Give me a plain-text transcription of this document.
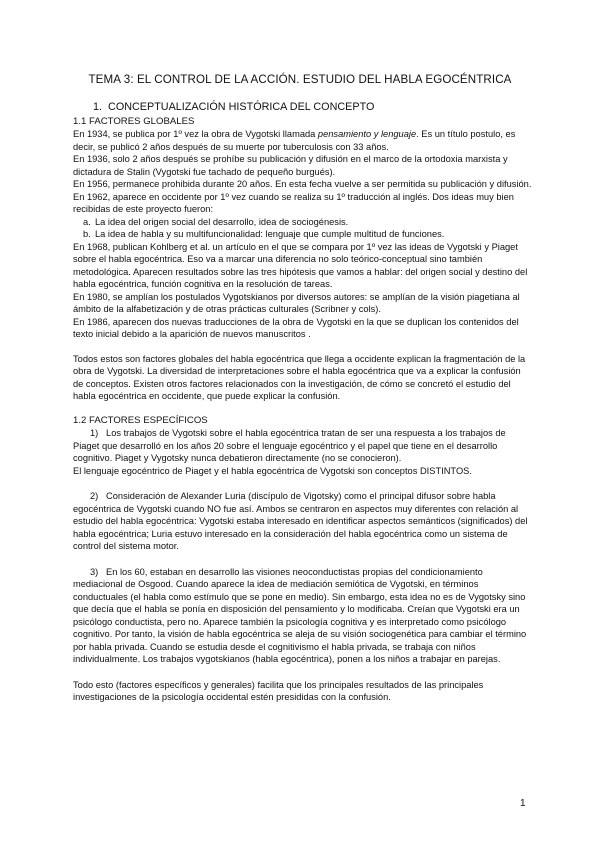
TEMA 3: EL CONTROL DE LA ACCIÓN. ESTUDIO DEL HABLA EGOCÉNTRICA

1. CONCEPTUALIZACIÓN HISTÓRICA DEL CONCEPTO

1.1 FACTORES GLOBALES

En 1934, se publica por 1º vez la obra de Vygotski llamada pensamiento y lenguaje. Es un título postulo, es decir, se publicó 2 años después de su muerte por tuberculosis con 33 años.

En 1936, solo 2 años después se prohíbe su publicación y difusión en el marco de la ortodoxia marxista y dictadura de Stalin (Vygotski fue tachado de pequeño burgués).

En 1956, permanece prohibida durante 20 años. En esta fecha vuelve a ser permitida su publicación y difusión.

En 1962, aparece en occidente por 1º vez cuando se realiza su 1º traducción al inglés. Dos ideas muy bien recibidas de este proyecto fueron:

a. La idea del origen social del desarrollo, idea de sociogénesis.

b. La idea de habla y su multifuncionalidad: lenguaje que cumple multitud de funciones.

En 1968, publican Kohlberg et al. un artículo en el que se compara por 1º vez las ideas de Vygotski y Piaget sobre el habla egocéntrica. Eso va a marcar una diferencia no solo teórico-conceptual sino también metodológica. Aparecen resultados sobre las tres hipótesis que vamos a hablar: del origen social y destino del habla egocéntrica, función cognitiva en la resolución de tareas.

En 1980, se amplían los postulados Vygotskianos por diversos autores: se amplían de la visión piagetiana al ámbito de la alfabetización y de otras prácticas culturales (Scribner y cols).

En 1986, aparecen dos nuevas traducciones de la obra de Vygotski en la que se duplican los contenidos del texto inicial debido a la aparición de nuevos manuscritos .

Todos estos son factores globales del habla egocéntrica que llega a occidente explican la fragmentación de la obra de Vygotski. La diversidad de interpretaciones sobre el habla egocéntrica que va a explicar la confusión de conceptos. Existen otros factores relacionados con la investigación, de cómo se concretó el estudio del habla egocéntrica en occidente, que puede explicar la confusión.

1.2 FACTORES ESPECÍFICOS

1) Los trabajos de Vygotski sobre el habla egocéntrica tratan de ser una respuesta a los trabajos de Piaget que desarrolló en los años 20 sobre el lenguaje egocéntrico y el papel que tiene en el desarrollo cognitivo. Piaget y Vygotsky nunca debatieron directamente (no se conocieron).

El lenguaje egocéntrico de Piaget y el habla egocéntrica de Vygotski son conceptos DISTINTOS.

2) Consideración de Alexander Luria (discípulo de Vigotsky) como el principal difusor sobre habla egocéntrica de Vygotski cuando NO fue así. Ambos se centraron en aspectos muy diferentes con relación al estudio del habla egocéntrica: Vygotski estaba interesado en identificar aspectos semánticos (significados) del habla egocéntrica; Luria estuvo interesado en la consideración del habla egocéntrica como un sistema de control del sistema motor.

3) En los 60, estaban en desarrollo las visiones neoconductistas propias del condicionamiento mediacional de Osgood. Cuando aparece la idea de mediación semiótica de Vygotski, en términos conductuales (el habla como estímulo que se pone en medio). Sin embargo, esta idea no es de Vygotsky sino que decía que el habla se ponía en disposición del pensamiento y lo modificaba. Creían que Vygotski era un psicólogo conductista, pero no. Aparece también la psicología cognitiva y es interpretado como psicólogo cognitivo. Por tanto, la visión de habla egocéntrica se aleja de su visión sociogenética para cambiar el término por habla privada. Cuando se estudia desde el cognitivismo el habla privada, se trabaja con niños individualmente. Los trabajos vygotskianos (habla egocéntrica), ponen a los niños a trabajar en parejas.

Todo esto (factores específicos y generales) facilita que los principales resultados de las principales investigaciones de la psicología occidental estén presididas con la confusión.

1
